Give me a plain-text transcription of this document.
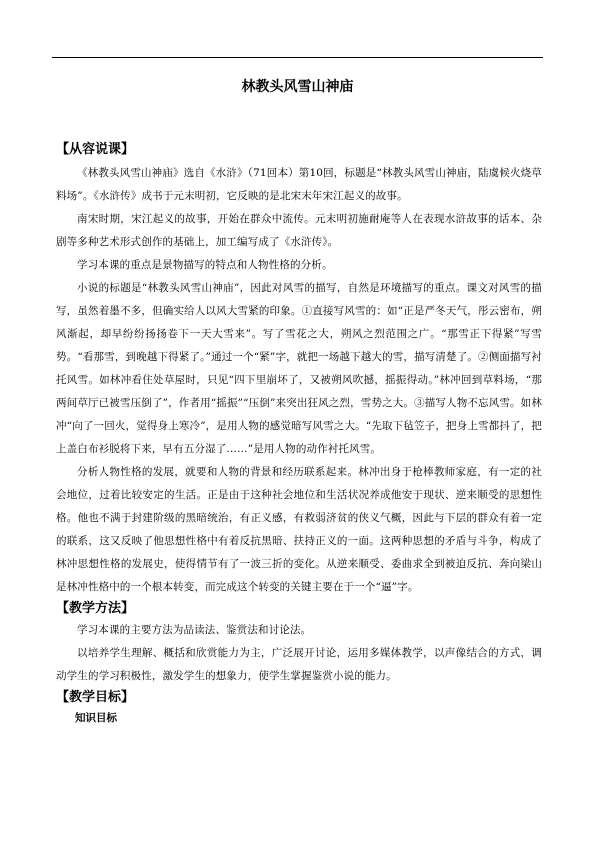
林教头风雪山神庙

【从容说课】

《林教头风雪山神庙》选自《水浒》（71回本）第10回，标题是“林教头风雪山神庙，陆虞候火烧草料场”。《水浒传》成书于元末明初，它反映的是北宋末年宋江起义的故事。

南宋时期，宋江起义的故事，开始在群众中流传。元末明初施耐庵等人在表现水浒故事的话本、杂剧等多种艺术形式创作的基础上，加工编写成了《水浒传》。

学习本课的重点是景物描写的特点和人物性格的分析。

小说的标题是“林教头风雪山神庙”，因此对风雪的描写，自然是环境描写的重点。课文对风雪的描写，虽然着墨不多，但确实给人以风大雪紧的印象。①直接写风雪的：如“正是严冬天气，彤云密布，朔风渐起，却早纷纷扬扬卷下一天大雪来”。写了雪花之大，朔风之烈范围之广。“那雪正下得紧”写雪势。“看那雪，到晚越下得紧了。”通过一个“紧”字，就把一场越下越大的雪，描写清楚了。②侧面描写衬托风雪。如林冲看住处草屋时，只见“四下里崩坏了，又被朔风吹撼，摇振得动。”林冲回到草料场，“那两间草厅已被雪压倒了”，作者用“摇振”“压倒”来突出狂风之烈，雪势之大。③描写人物不忘风雪。如林冲“向了一回火，觉得身上寒冷”，是用人物的感觉暗写风雪之大。“先取下毡笠子，把身上雪都抖了，把上盖白布衫脱将下来，早有五分湿了……”是用人物的动作衬托风雪。

分析人物性格的发展，就要和人物的背景和经历联系起来。林冲出身于枪棒教师家庭，有一定的社会地位，过着比较安定的生活。正是由于这种社会地位和生活状况养成他安于现状、逆来顺受的思想性格。他也不满于封建阶级的黑暗统治，有正义感，有救弱济贫的侠义气概，因此与下层的群众有着一定的联系，这又反映了他思想性格中有着反抗黑暗、扶持正义的一面。这两种思想的矛盾与斗争，构成了林冲思想性格的发展史，使得情节有了一波三折的变化。从逆来顺受、委曲求全到被迫反抗、奔向梁山是林冲性格中的一个根本转变，而完成这个转变的关键主要在于一个“逼”字。

【教学方法】

学习本课的主要方法为品读法、鉴赏法和讨论法。

以培养学生理解、概括和欣赏能力为主，广泛展开讨论，运用多媒体教学，以声像结合的方式，调动学生的学习积极性，激发学生的想象力，使学生掌握鉴赏小说的能力。

【教学目标】

知识目标
